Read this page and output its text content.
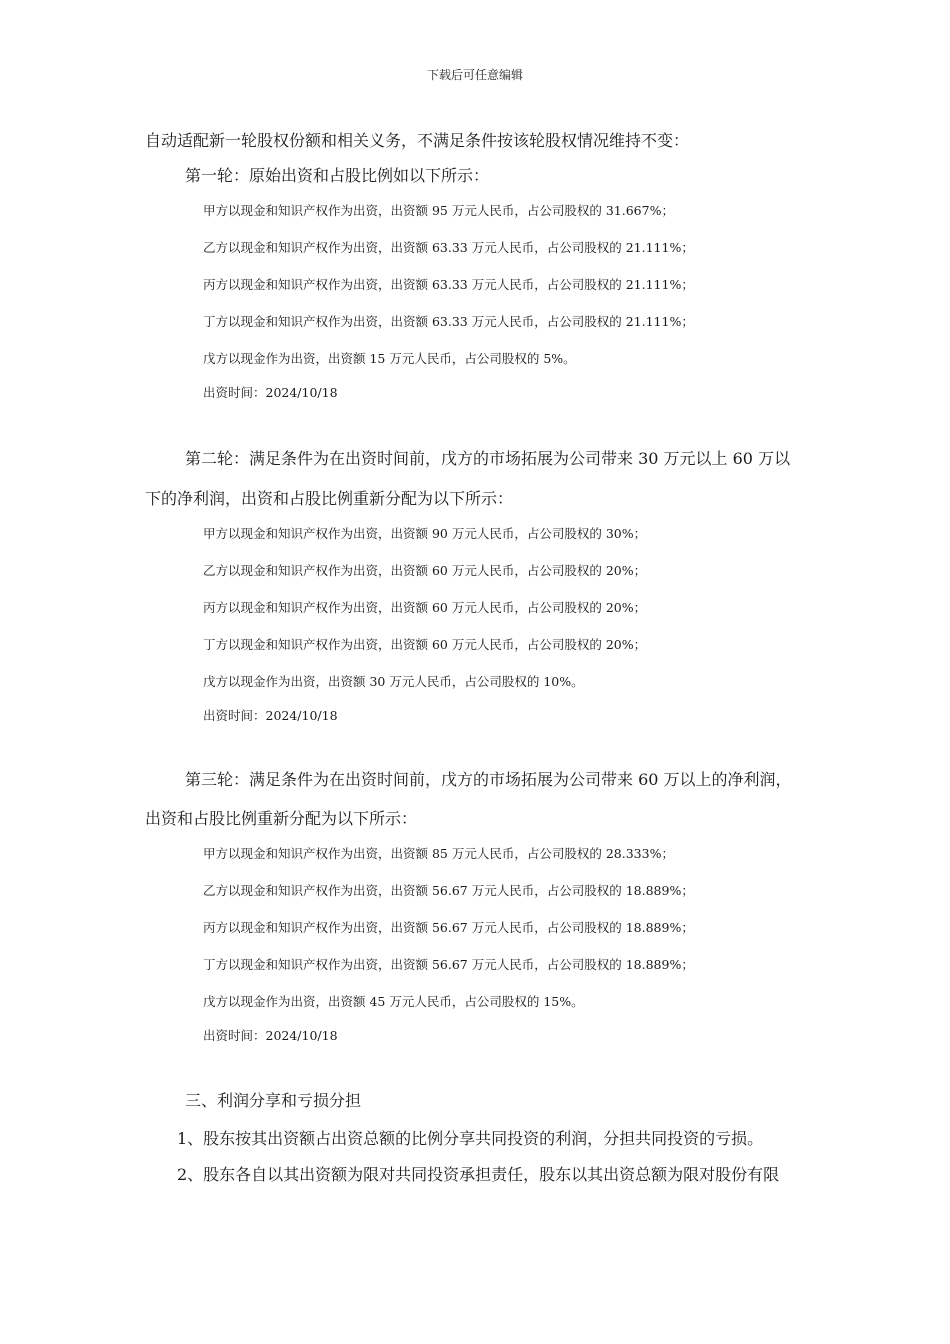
下载后可任意编辑
自动适配新一轮股权份额和相关义务，不满足条件按该轮股权情况维持不变：
第一轮：原始出资和占股比例如以下所示：
甲方以现金和知识产权作为出资，出资额 95 万元人民币，占公司股权的 31.667%；
乙方以现金和知识产权作为出资，出资额 63.33 万元人民币，占公司股权的 21.111%；
丙方以现金和知识产权作为出资，出资额 63.33 万元人民币，占公司股权的 21.111%；
丁方以现金和知识产权作为出资，出资额 63.33 万元人民币，占公司股权的 21.111%；
戊方以现金作为出资，出资额 15 万元人民币，占公司股权的 5%。
出资时间：2024/10/18
第二轮：满足条件为在出资时间前，戊方的市场拓展为公司带来 30 万元以上 60 万以
下的净利润，出资和占股比例重新分配为以下所示：
甲方以现金和知识产权作为出资，出资额 90 万元人民币，占公司股权的 30%；
乙方以现金和知识产权作为出资，出资额 60 万元人民币，占公司股权的 20%；
丙方以现金和知识产权作为出资，出资额 60 万元人民币，占公司股权的 20%；
丁方以现金和知识产权作为出资，出资额 60 万元人民币，占公司股权的 20%；
戊方以现金作为出资，出资额 30 万元人民币，占公司股权的 10%。
出资时间：2024/10/18
第三轮：满足条件为在出资时间前，戊方的市场拓展为公司带来 60 万以上的净利润，
出资和占股比例重新分配为以下所示：
甲方以现金和知识产权作为出资，出资额 85 万元人民币，占公司股权的 28.333%；
乙方以现金和知识产权作为出资，出资额 56.67 万元人民币，占公司股权的 18.889%；
丙方以现金和知识产权作为出资，出资额 56.67 万元人民币，占公司股权的 18.889%；
丁方以现金和知识产权作为出资，出资额 56.67 万元人民币，占公司股权的 18.889%；
戊方以现金作为出资，出资额 45 万元人民币，占公司股权的 15%。
出资时间：2024/10/18
三、利润分享和亏损分担
1、股东按其出资额占出资总额的比例分享共同投资的利润，分担共同投资的亏损。
2、股东各自以其出资额为限对共同投资承担责任，股东以其出资总额为限对股份有限
